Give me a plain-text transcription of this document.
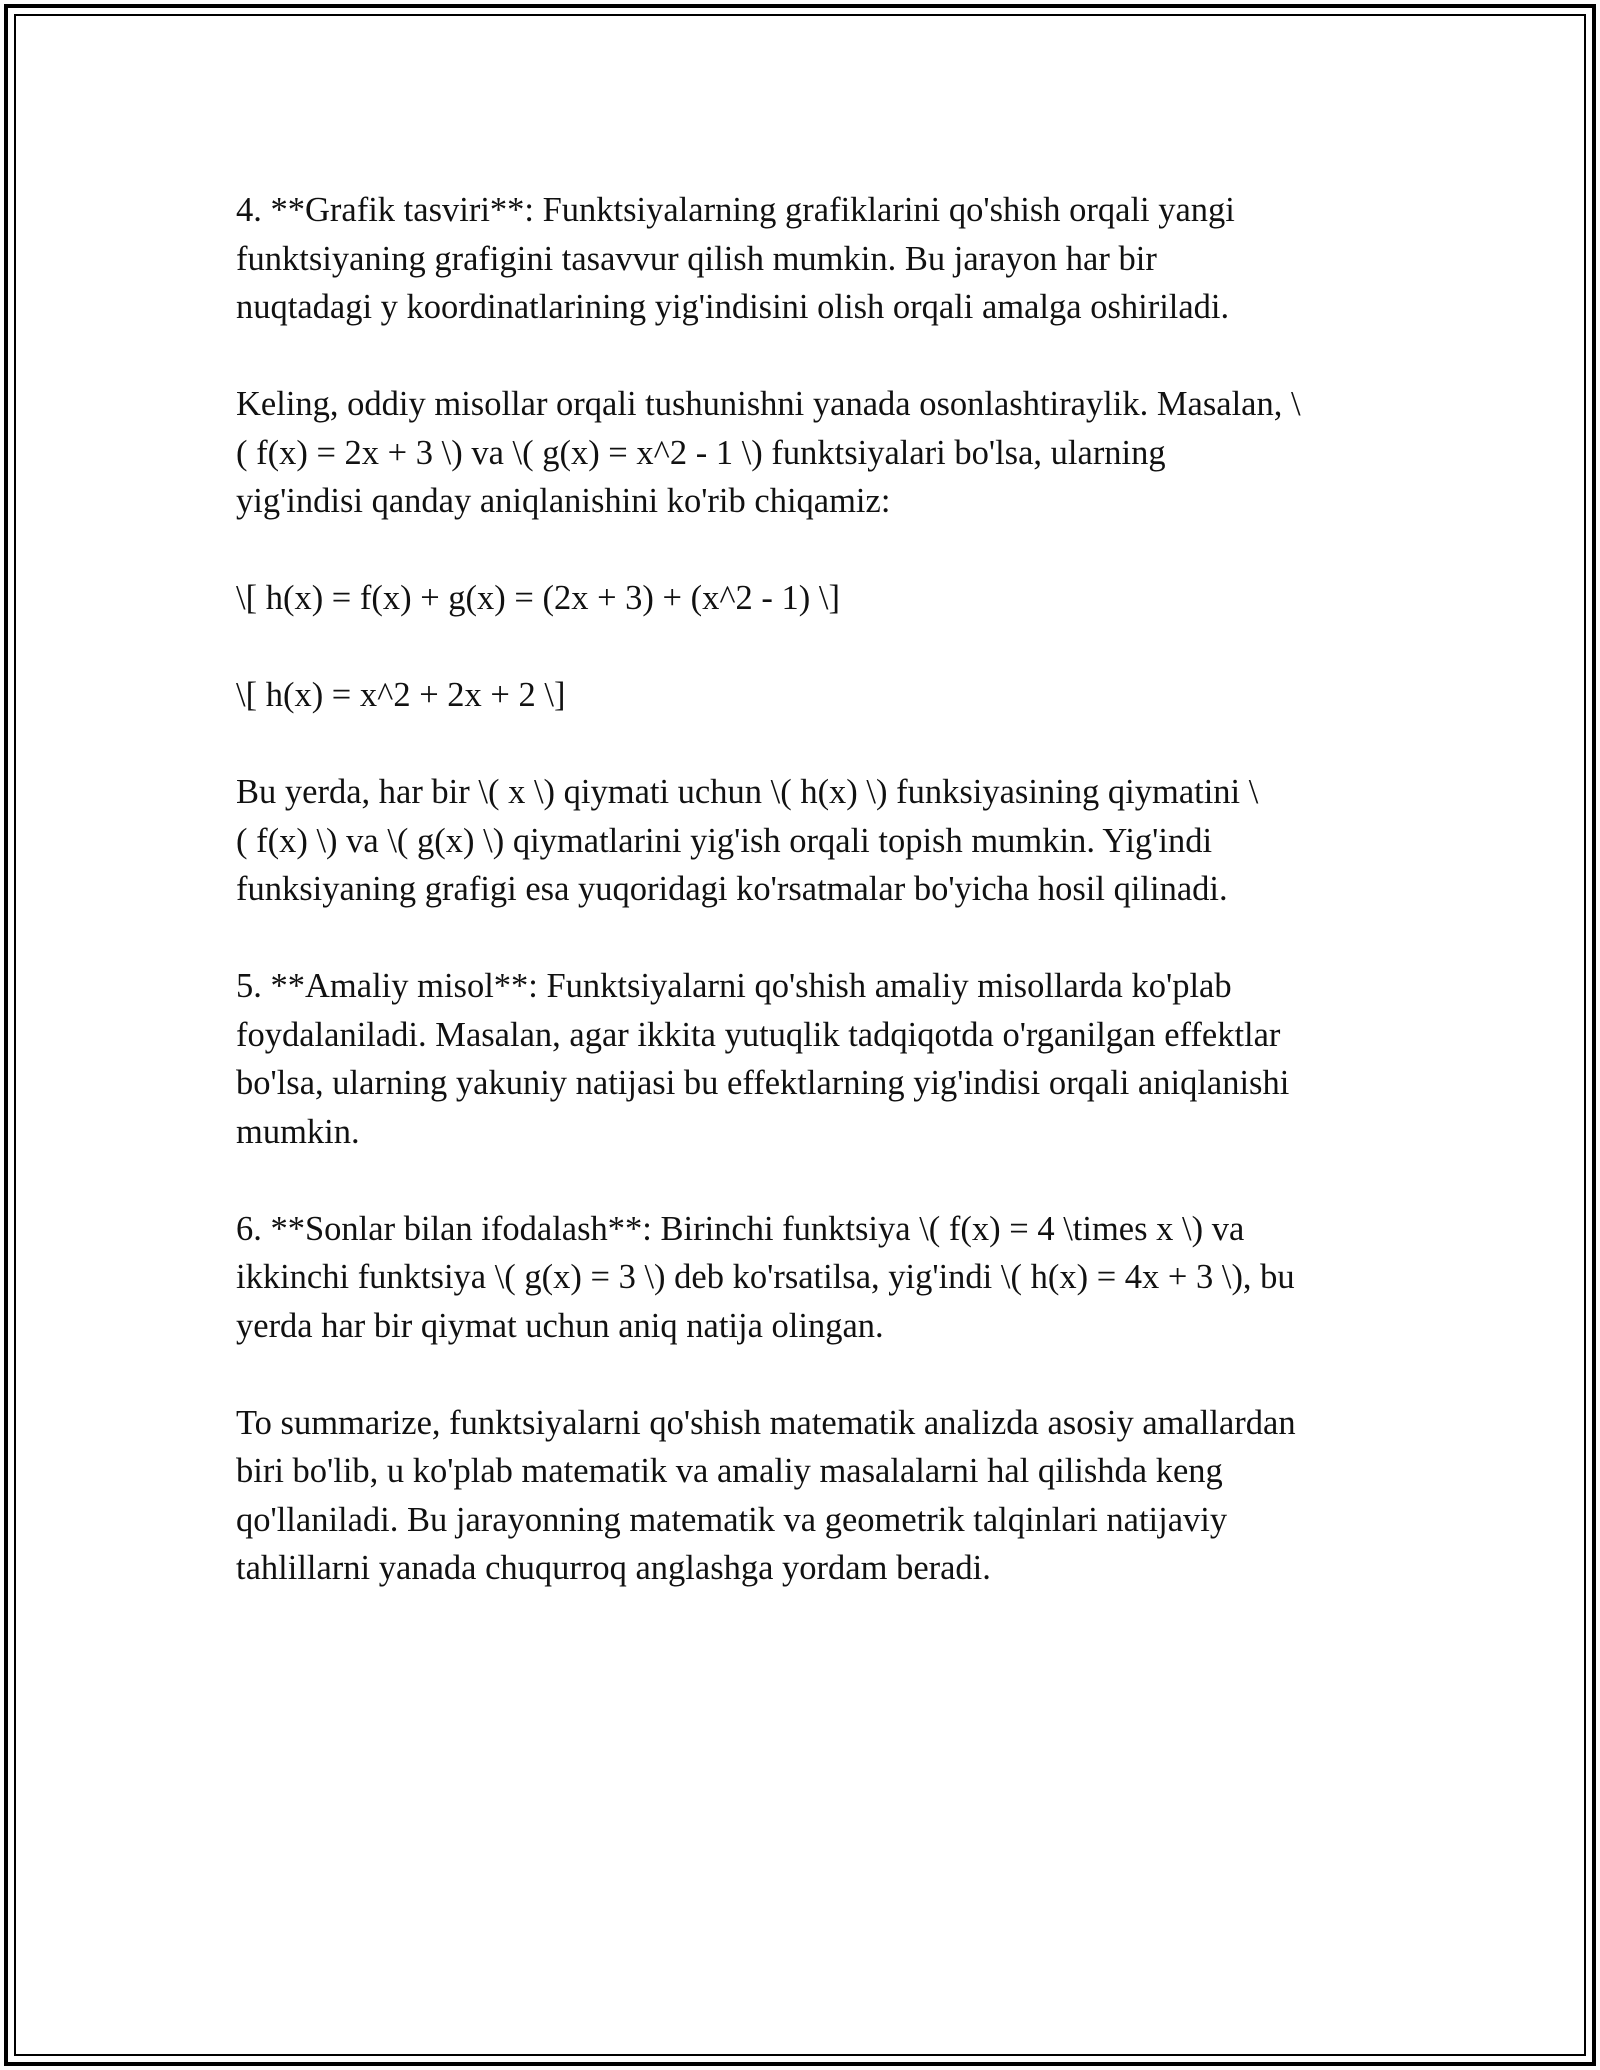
4. **Grafik tasviri**: Funktsiyalarning grafiklarini qo'shish orqali yangi
funktsiyaning grafigini tasavvur qilish mumkin. Bu jarayon har bir
nuqtadagi y koordinatlarining yig'indisini olish orqali amalga oshiriladi.

Keling, oddiy misollar orqali tushunishni yanada osonlashtiraylik. Masalan, \
( f(x) = 2x + 3 \) va \( g(x) = x^2 - 1 \) funktsiyalari bo'lsa, ularning
yig'indisi qanday aniqlanishini ko'rib chiqamiz:

\[ h(x) = f(x) + g(x) = (2x + 3) + (x^2 - 1) \]

\[ h(x) = x^2 + 2x + 2 \]

Bu yerda, har bir \( x \) qiymati uchun \( h(x) \) funksiyasining qiymatini \
( f(x) \) va \( g(x) \) qiymatlarini yig'ish orqali topish mumkin. Yig'indi
funksiyaning grafigi esa yuqoridagi ko'rsatmalar bo'yicha hosil qilinadi.

5. **Amaliy misol**: Funktsiyalarni qo'shish amaliy misollarda ko'plab
foydalaniladi. Masalan, agar ikkita yutuqlik tadqiqotda o'rganilgan effektlar
bo'lsa, ularning yakuniy natijasi bu effektlarning yig'indisi orqali aniqlanishi
mumkin.

6. **Sonlar bilan ifodalash**: Birinchi funktsiya \( f(x) = 4 \times x \) va
ikkinchi funktsiya \( g(x) = 3 \) deb ko'rsatilsa, yig'indi \( h(x) = 4x + 3 \), bu
yerda har bir qiymat uchun aniq natija olingan.

To summarize, funktsiyalarni qo'shish matematik analizda asosiy amallardan
biri bo'lib, u ko'plab matematik va amaliy masalalarni hal qilishda keng
qo'llaniladi. Bu jarayonning matematik va geometrik talqinlari natijaviy
tahlillarni yanada chuqurroq anglashga yordam beradi.
